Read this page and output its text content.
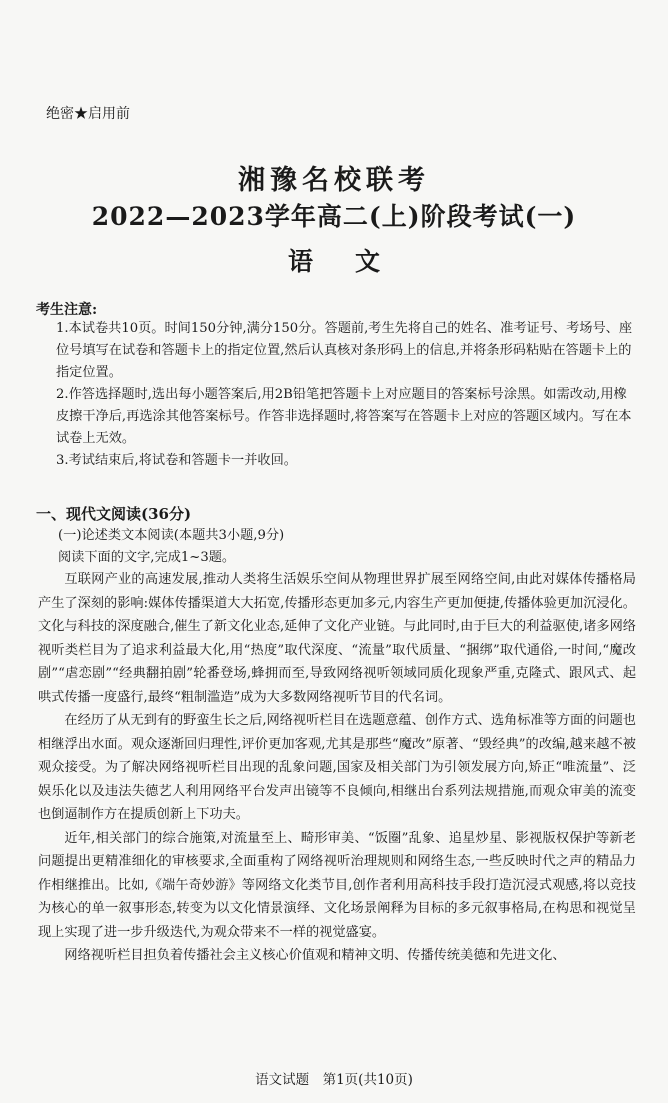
绝密★启用前
湘豫名校联考
2022—2023学年高二(上)阶段考试(一)
语文
考生注意:

1.本试卷共10页。时间150分钟,满分150分。答题前,考生先将自己的姓名、准考证号、考场号、座位号填写在试卷和答题卡上的指定位置,然后认真核对条形码上的信息,并将条形码粘贴在答题卡上的指定位置。

2.作答选择题时,选出每小题答案后,用2B铅笔把答题卡上对应题目的答案标号涂黑。如需改动,用橡皮擦干净后,再选涂其他答案标号。作答非选择题时,将答案写在答题卡上对应的答题区域内。写在本试卷上无效。

3.考试结束后,将试卷和答题卡一并收回。

一、现代文阅读(36分)
(一)论述类文本阅读(本题共3小题,9分)
阅读下面的文字,完成1~3题。

互联网产业的高速发展,推动人类将生活娱乐空间从物理世界扩展至网络空间,由此对媒体传播格局产生了深刻的影响:媒体传播渠道大大拓宽,传播形态更加多元,内容生产更加便捷,传播体验更加沉浸化。文化与科技的深度融合,催生了新文化业态,延伸了文化产业链。与此同时,由于巨大的利益驱使,诸多网络视听类栏目为了追求利益最大化,用“热度”取代深度、“流量”取代质量、“捆绑”取代通俗,一时间,“魔改剧”“虐恋剧”“经典翻拍剧”轮番登场,蜂拥而至,导致网络视听领域同质化现象严重,克隆式、跟风式、起哄式传播一度盛行,最终“粗制滥造”成为大多数网络视听节目的代名词。

在经历了从无到有的野蛮生长之后,网络视听栏目在选题意蕴、创作方式、选角标准等方面的问题也相继浮出水面。观众逐渐回归理性,评价更加客观,尤其是那些“魔改”原著、“毁经典”的改编,越来越不被观众接受。为了解决网络视听栏目出现的乱象问题,国家及相关部门为引领发展方向,矫正“唯流量”、泛娱乐化以及违法失德艺人利用网络平台发声出镜等不良倾向,相继出台系列法规措施,而观众审美的流变也倒逼制作方在提质创新上下功夫。

近年,相关部门的综合施策,对流量至上、畸形审美、“饭圈”乱象、追星炒星、影视版权保护等新老问题提出更精准细化的审核要求,全面重构了网络视听治理规则和网络生态,一些反映时代之声的精品力作相继推出。比如,《端午奇妙游》等网络文化类节目,创作者利用高科技手段打造沉浸式观感,将以竞技为核心的单一叙事形态,转变为以文化情景演绎、文化场景阐释为目标的多元叙事格局,在构思和视觉呈现上实现了进一步升级迭代,为观众带来不一样的视觉盛宴。

网络视听栏目担负着传播社会主义核心价值观和精神文明、传播传统美德和先进文化、

语文试题　第1页(共10页)
